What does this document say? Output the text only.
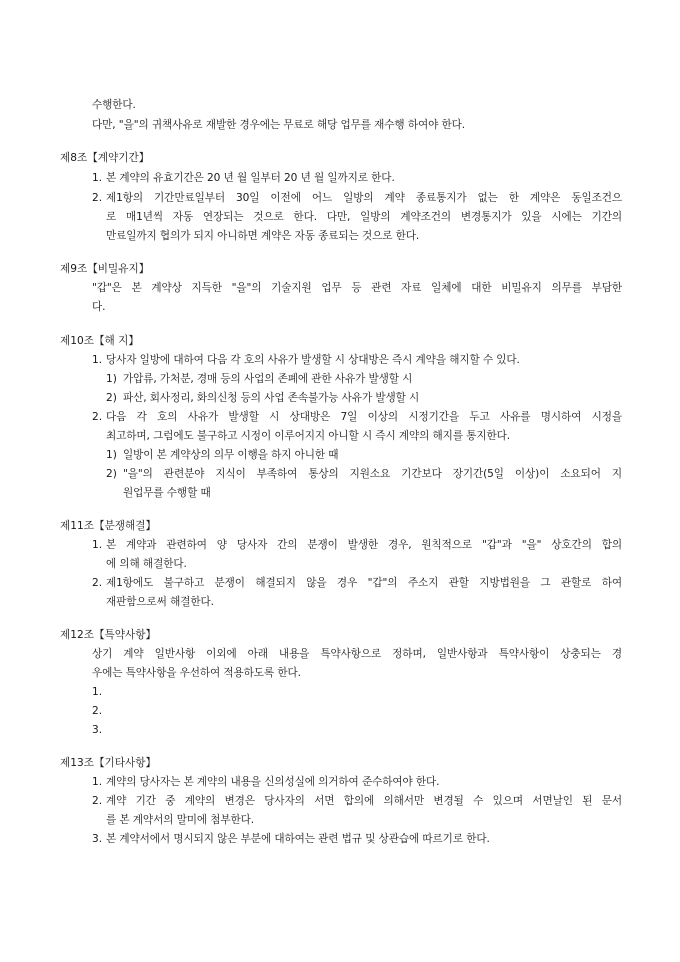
수행한다.
다만, "을"의 귀책사유로 재발한 경우에는 무료로 해당 업무를 재수행 하여야 한다.
제8조【계약기간】
1. 본 계약의 유효기간은 20 년 월 일부터 20 년 월 일까지로 한다.
2. 제1항의 기간만료일부터 30일 이전에 어느 일방의 계약 종료통지가 없는 한 계약은 동일조건으
로 매1년씩 자동 연장되는 것으로 한다. 다만, 일방의 계약조건의 변경통지가 있을 시에는 기간의
만료일까지 협의가 되지 아니하면 계약은 자동 종료되는 것으로 한다.
제9조【비밀유지】
"갑"은 본 계약상 지득한 "을"의 기술지원 업무 등 관련 자료 일체에 대한 비밀유지 의무를 부담한
다.
제10조【해 지】
1. 당사자 일방에 대하여 다음 각 호의 사유가 발생할 시 상대방은 즉시 계약을 해지할 수 있다.
1) 가압류, 가처분, 경매 등의 사업의 존폐에 관한 사유가 발생할 시
2) 파산, 회사정리, 화의신청 등의 사업 존속불가능 사유가 발생할 시
2. 다음 각 호의 사유가 발생할 시 상대방은 7일 이상의 시정기간을 두고 사유를 명시하여 시정을
최고하며, 그럼에도 불구하고 시정이 이루어지지 아니할 시 즉시 계약의 해지를 통지한다.
1) 일방이 본 계약상의 의무 이행을 하지 아니한 때
2) "을"의 관련분야 지식이 부족하여 통상의 지원소요 기간보다 장기간(5일 이상)이 소요되어 지
원업무를 수행할 때
제11조【분쟁해결】
1. 본 계약과 관련하여 양 당사자 간의 분쟁이 발생한 경우, 원칙적으로 "갑"과 "을" 상호간의 합의
에 의해 해결한다.
2. 제1항에도 불구하고 분쟁이 해결되지 않을 경우 "갑"의 주소지 관할 지방법원을 그 관할로 하여
재판함으로써 해결한다.
제12조【특약사항】
상기 계약 일반사항 이외에 아래 내용을 특약사항으로 정하며, 일반사항과 특약사항이 상충되는 경
우에는 특약사항을 우선하여 적용하도록 한다.
1.
2.
3.
제13조【기타사항】
1. 계약의 당사자는 본 계약의 내용을 신의성실에 의거하여 준수하여야 한다.
2. 계약 기간 중 계약의 변경은 당사자의 서면 합의에 의해서만 변경될 수 있으며 서면날인 된 문서
를 본 계약서의 말미에 첨부한다.
3. 본 계약서에서 명시되지 않은 부분에 대하여는 관련 법규 및 상관습에 따르기로 한다.
